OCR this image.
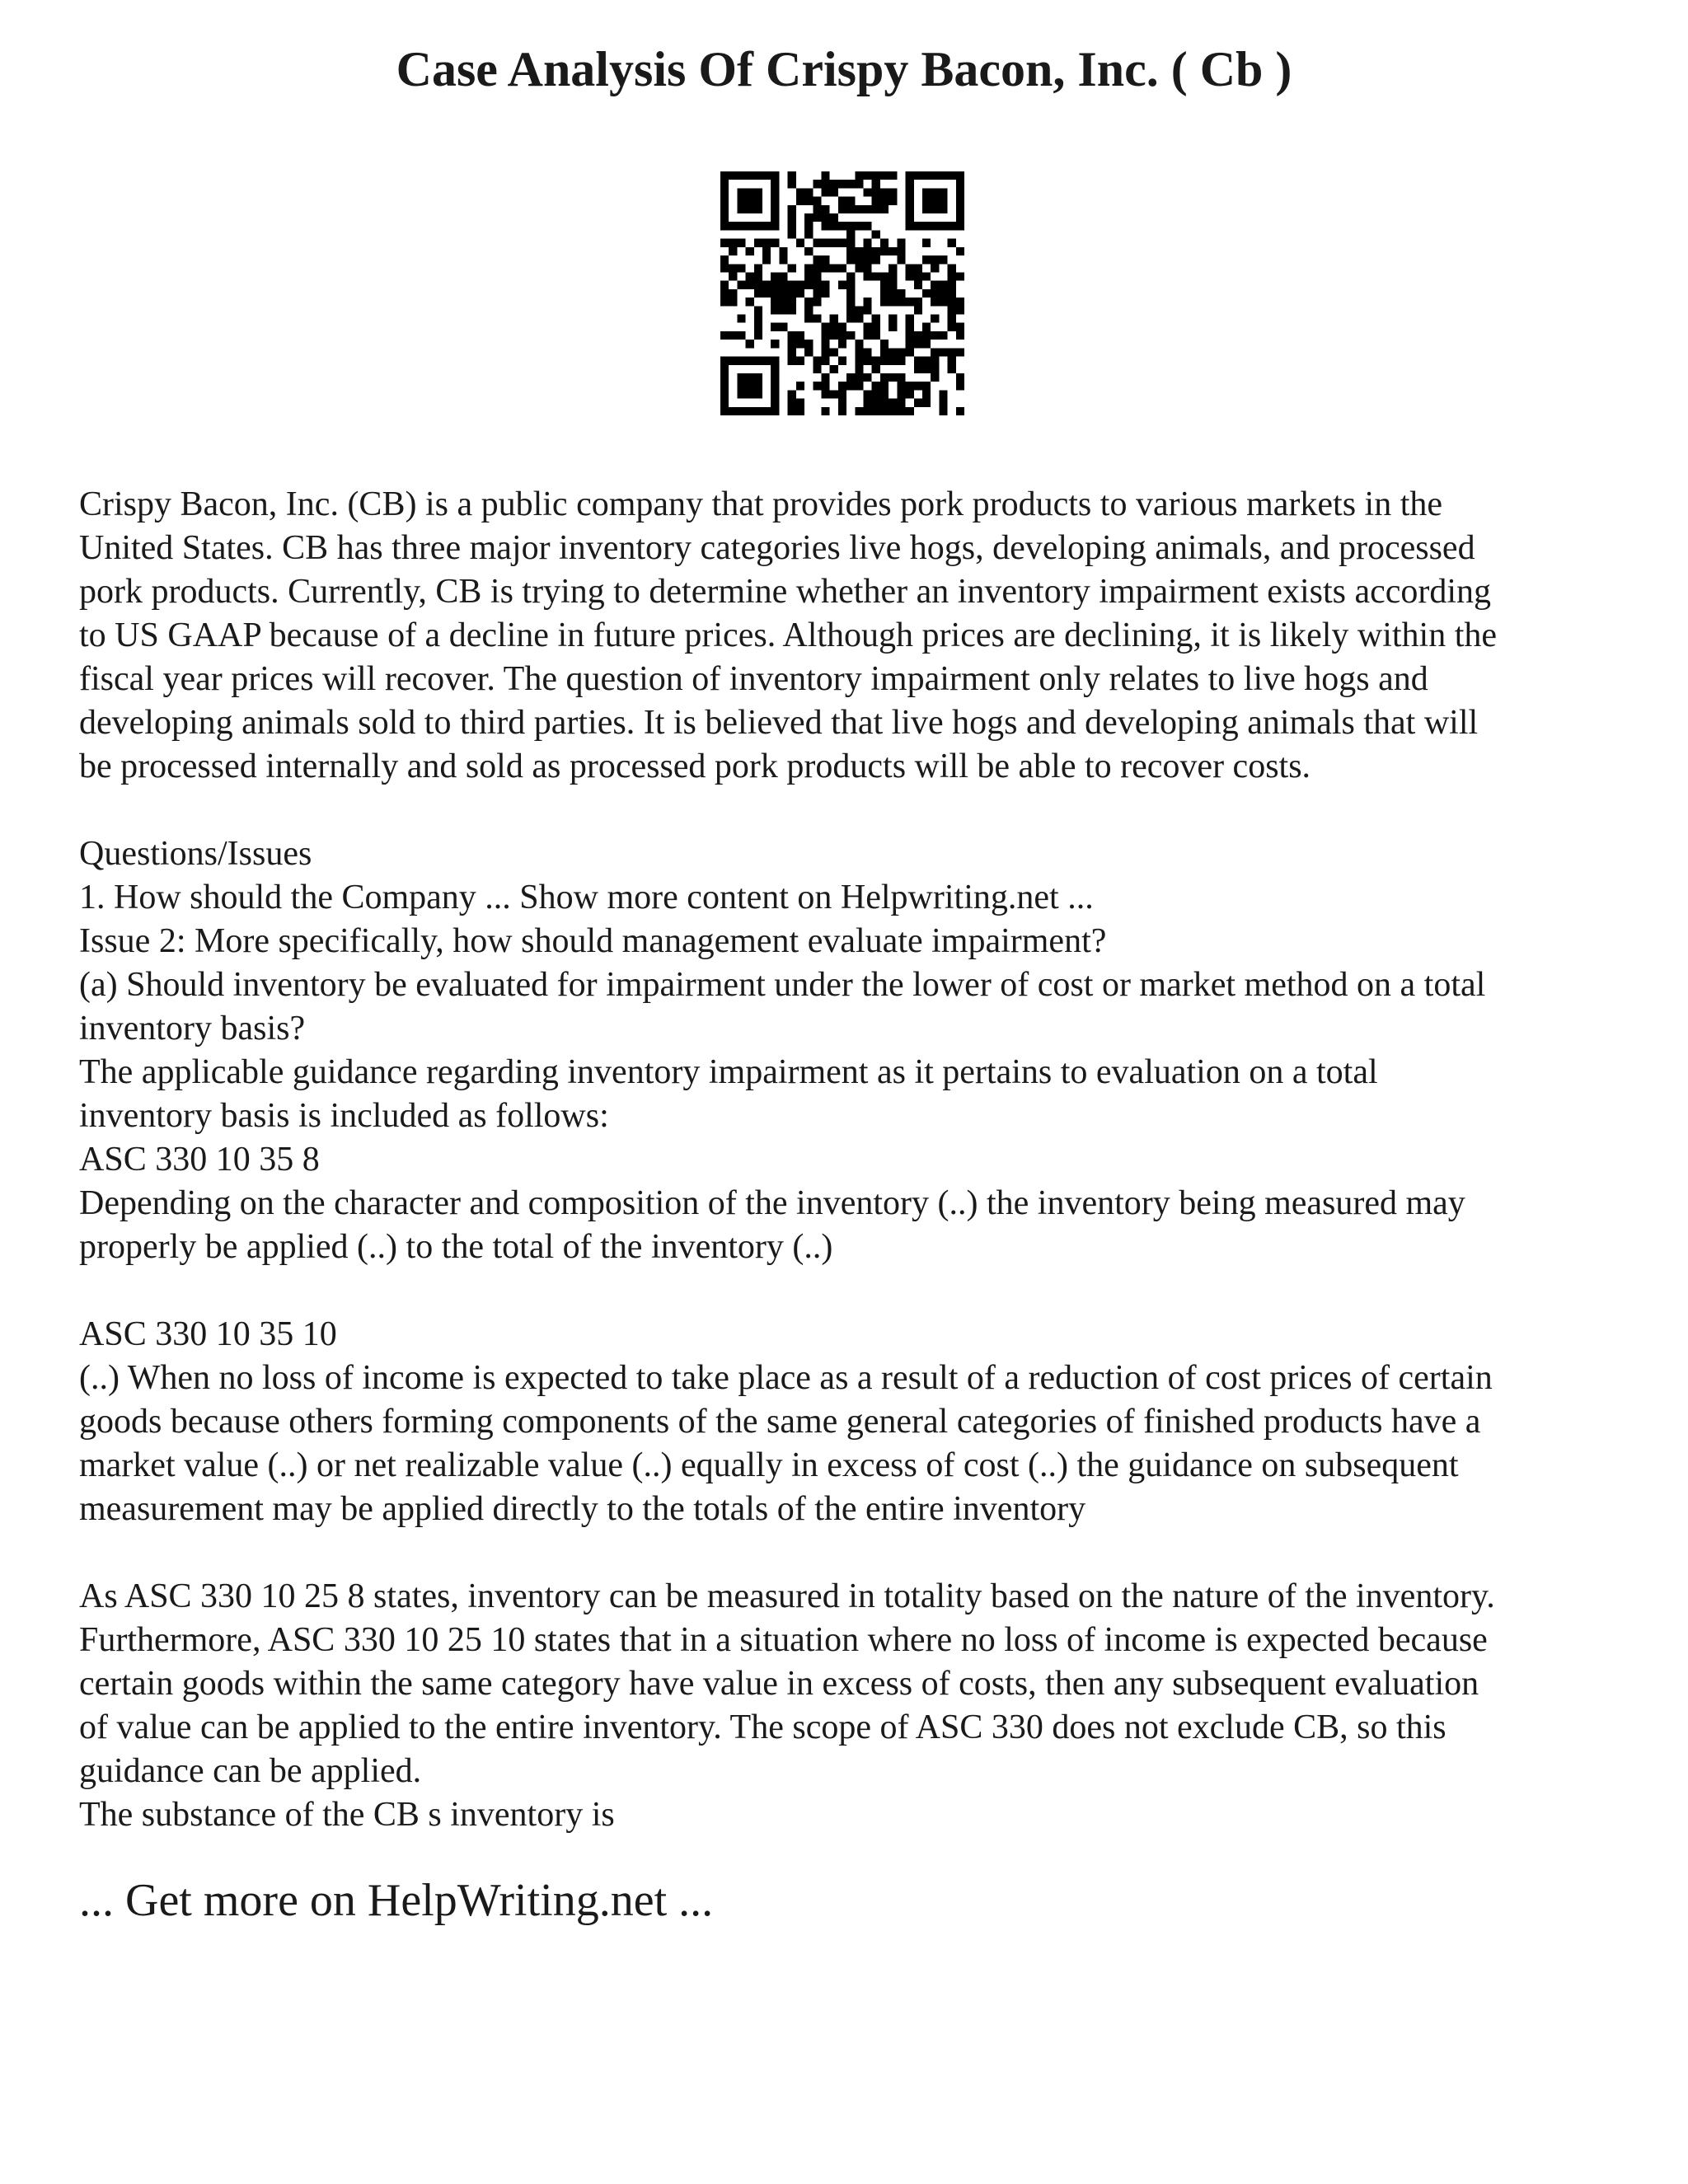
Case Analysis Of Crispy Bacon, Inc. ( Cb )
Crispy Bacon, Inc. (CB) is a public company that provides pork products to various markets in the
United States. CB has three major inventory categories live hogs, developing animals, and processed
pork products. Currently, CB is trying to determine whether an inventory impairment exists according
to US GAAP because of a decline in future prices. Although prices are declining, it is likely within the
fiscal year prices will recover. The question of inventory impairment only relates to live hogs and
developing animals sold to third parties. It is believed that live hogs and developing animals that will
be processed internally and sold as processed pork products will be able to recover costs.
Questions/Issues
1. How should the Company ... Show more content on Helpwriting.net ...
Issue 2: More specifically, how should management evaluate impairment?
(a) Should inventory be evaluated for impairment under the lower of cost or market method on a total
inventory basis?
The applicable guidance regarding inventory impairment as it pertains to evaluation on a total
inventory basis is included as follows:
ASC 330 10 35 8
Depending on the character and composition of the inventory (..) the inventory being measured may
properly be applied (..) to the total of the inventory (..)
ASC 330 10 35 10
(..) When no loss of income is expected to take place as a result of a reduction of cost prices of certain
goods because others forming components of the same general categories of finished products have a
market value (..) or net realizable value (..) equally in excess of cost (..) the guidance on subsequent
measurement may be applied directly to the totals of the entire inventory
As ASC 330 10 25 8 states, inventory can be measured in totality based on the nature of the inventory.
Furthermore, ASC 330 10 25 10 states that in a situation where no loss of income is expected because
certain goods within the same category have value in excess of costs, then any subsequent evaluation
of value can be applied to the entire inventory. The scope of ASC 330 does not exclude CB, so this
guidance can be applied.
The substance of the CB s inventory is
... Get more on HelpWriting.net ...
